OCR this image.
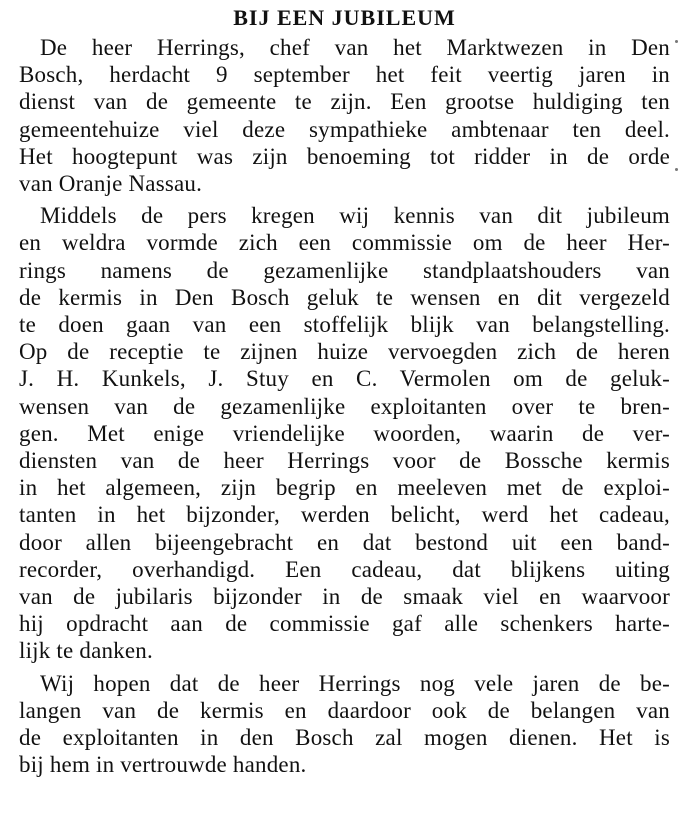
BIJ EEN JUBILEUM

De heer Herrings, chef van het Marktwezen in Den
Bosch, herdacht 9 september het feit veertig jaren in
dienst van de gemeente te zijn. Een grootse huldiging ten
gemeentehuize viel deze sympathieke ambtenaar ten deel.
Het hoogtepunt was zijn benoeming tot ridder in de orde
van Oranje Nassau.

Middels de pers kregen wij kennis van dit jubileum
en weldra vormde zich een commissie om de heer Her-
rings namens de gezamenlijke standplaatshouders van
de kermis in Den Bosch geluk te wensen en dit vergezeld
te doen gaan van een stoffelijk blijk van belangstelling.
Op de receptie te zijnen huize vervoegden zich de heren
J. H. Kunkels, J. Stuy en C. Vermolen om de geluk-
wensen van de gezamenlijke exploitanten over te bren-
gen. Met enige vriendelijke woorden, waarin de ver-
diensten van de heer Herrings voor de Bossche kermis
in het algemeen, zijn begrip en meeleven met de exploi-
tanten in het bijzonder, werden belicht, werd het cadeau,
door allen bijeengebracht en dat bestond uit een band-
recorder, overhandigd. Een cadeau, dat blijkens uiting
van de jubilaris bijzonder in de smaak viel en waarvoor
hij opdracht aan de commissie gaf alle schenkers harte-
lijk te danken.

Wij hopen dat de heer Herrings nog vele jaren de be-
langen van de kermis en daardoor ook de belangen van
de exploitanten in den Bosch zal mogen dienen. Het is
bij hem in vertrouwde handen.
